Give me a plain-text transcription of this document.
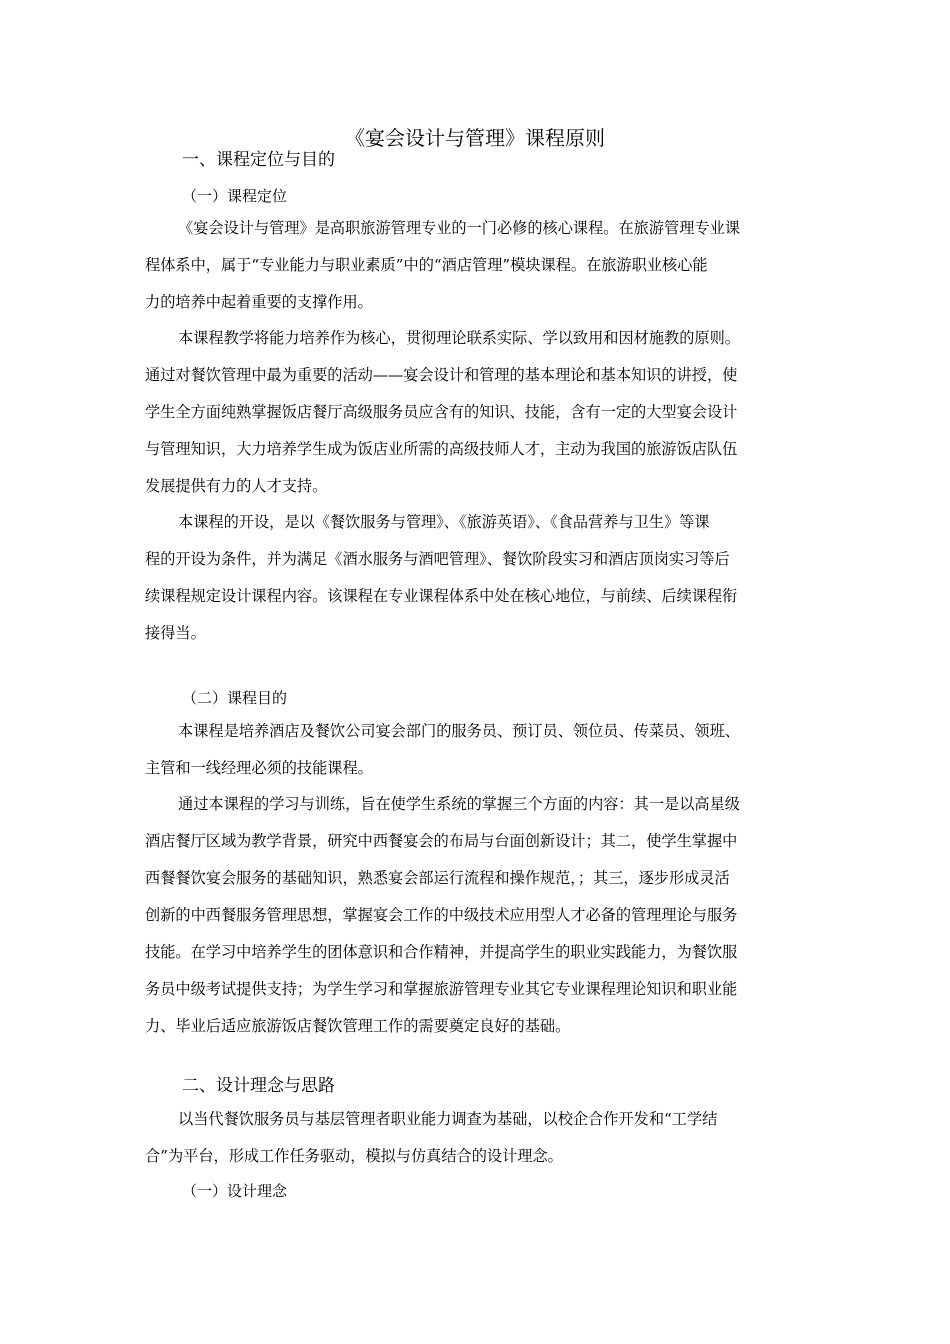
《宴会设计与管理》课程原则
一、课程定位与目的
（一）课程定位
《宴会设计与管理》是高职旅游管理专业的一门必修的核心课程。在旅游管理专业课
程体系中，属于“专业能力与职业素质”中的“酒店管理”模块课程。在旅游职业核心能
力的培养中起着重要的支撑作用。
本课程教学将能力培养作为核心，贯彻理论联系实际、学以致用和因材施教的原则。
通过对餐饮管理中最为重要的活动——宴会设计和管理的基本理论和基本知识的讲授，使
学生全方面纯熟掌握饭店餐厅高级服务员应含有的知识、技能，含有一定的大型宴会设计
与管理知识，大力培养学生成为饭店业所需的高级技师人才，主动为我国的旅游饭店队伍
发展提供有力的人才支持。
本课程的开设，是以《餐饮服务与管理》、《旅游英语》、《食品营养与卫生》等课
程的开设为条件，并为满足《酒水服务与酒吧管理》、餐饮阶段实习和酒店顶岗实习等后
续课程规定设计课程内容。该课程在专业课程体系中处在核心地位，与前续、后续课程衔
接得当。
（二）课程目的
本课程是培养酒店及餐饮公司宴会部门的服务员、预订员、领位员、传菜员、领班、
主管和一线经理必须的技能课程。
通过本课程的学习与训练，旨在使学生系统的掌握三个方面的内容：其一是以高星级
酒店餐厅区域为教学背景，研究中西餐宴会的布局与台面创新设计；其二，使学生掌握中
西餐餐饮宴会服务的基础知识，熟悉宴会部运行流程和操作规范，；其三，逐步形成灵活
创新的中西餐服务管理思想，掌握宴会工作的中级技术应用型人才必备的管理理论与服务
技能。在学习中培养学生的团体意识和合作精神，并提高学生的职业实践能力，为餐饮服
务员中级考试提供支持；为学生学习和掌握旅游管理专业其它专业课程理论知识和职业能
力、毕业后适应旅游饭店餐饮管理工作的需要奠定良好的基础。
二、设计理念与思路
以当代餐饮服务员与基层管理者职业能力调查为基础，以校企合作开发和“工学结
合”为平台，形成工作任务驱动，模拟与仿真结合的设计理念。
（一）设计理念
